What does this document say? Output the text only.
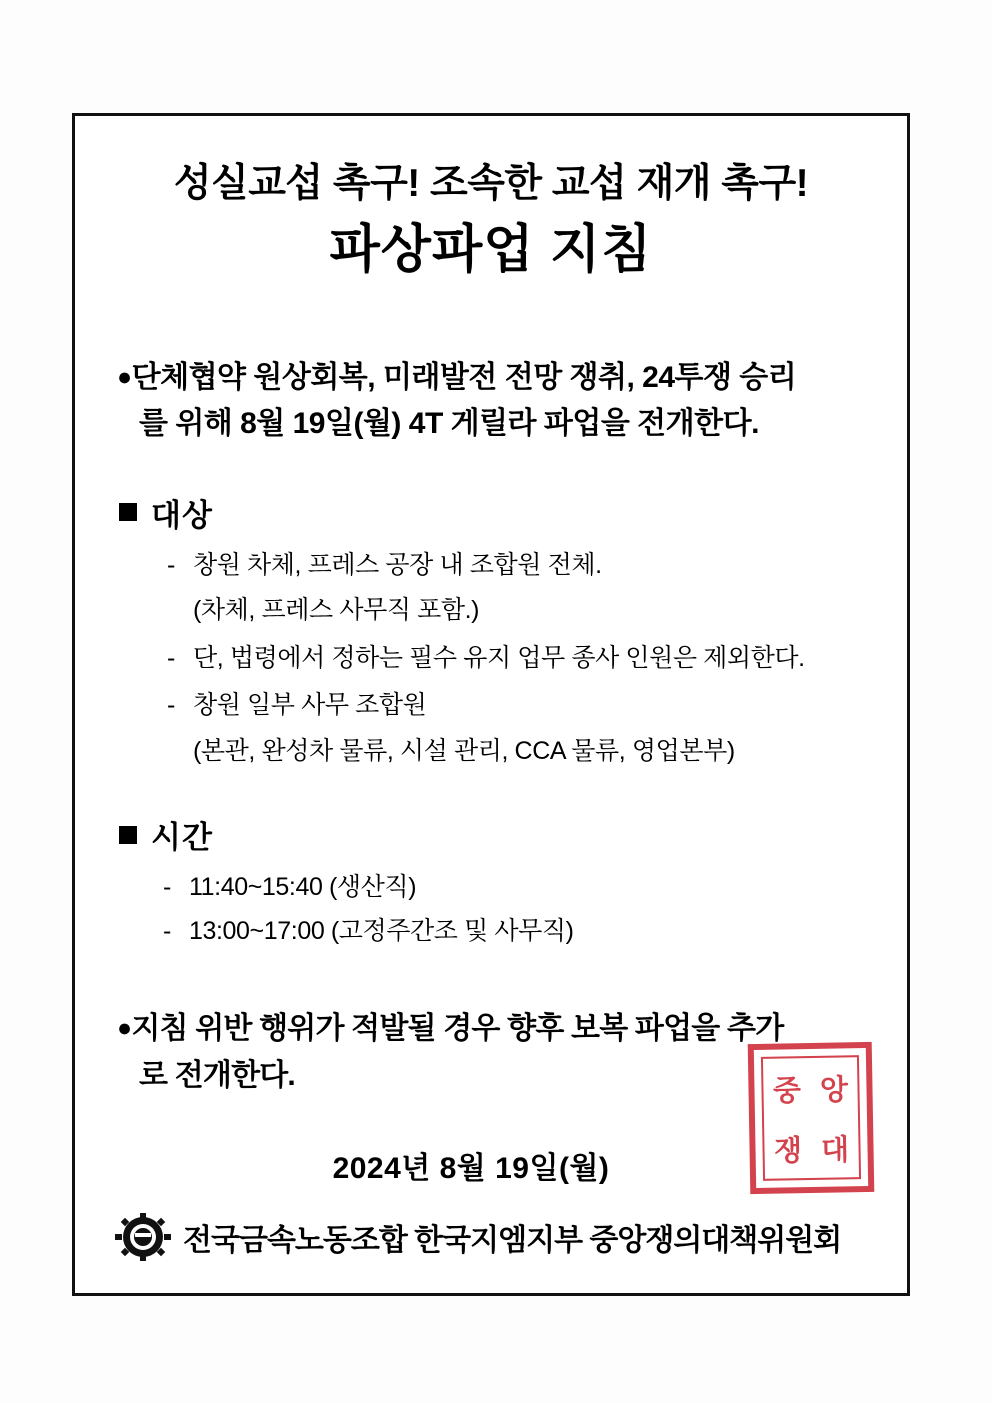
성실교섭 촉구! 조속한 교섭 재개 촉구!
파상파업 지침

●단체협약 원상회복, 미래발전 전망 쟁취, 24투쟁 승리
를 위해 8월 19일(월) 4T 게릴라 파업을 전개한다.

대상
- 창원 차체, 프레스 공장 내 조합원 전체.
(차체, 프레스 사무직 포함.)
- 단, 법령에서 정하는 필수 유지 업무 종사 인원은 제외한다.
- 창원 일부 사무 조합원
(본관, 완성차 물류, 시설 관리, CCA 물류, 영업본부)
시간
- 11:40~15:40 (생산직)
- 13:00~17:00 (고정주간조 및 사무직)

●지침 위반 행위가 적발될 경우 향후 보복 파업을 추가
로 전개한다.

2024년 8월 19일(월)
전국금속노동조합 한국지엠지부 중앙쟁의대책위원회
중 앙
쟁 대
